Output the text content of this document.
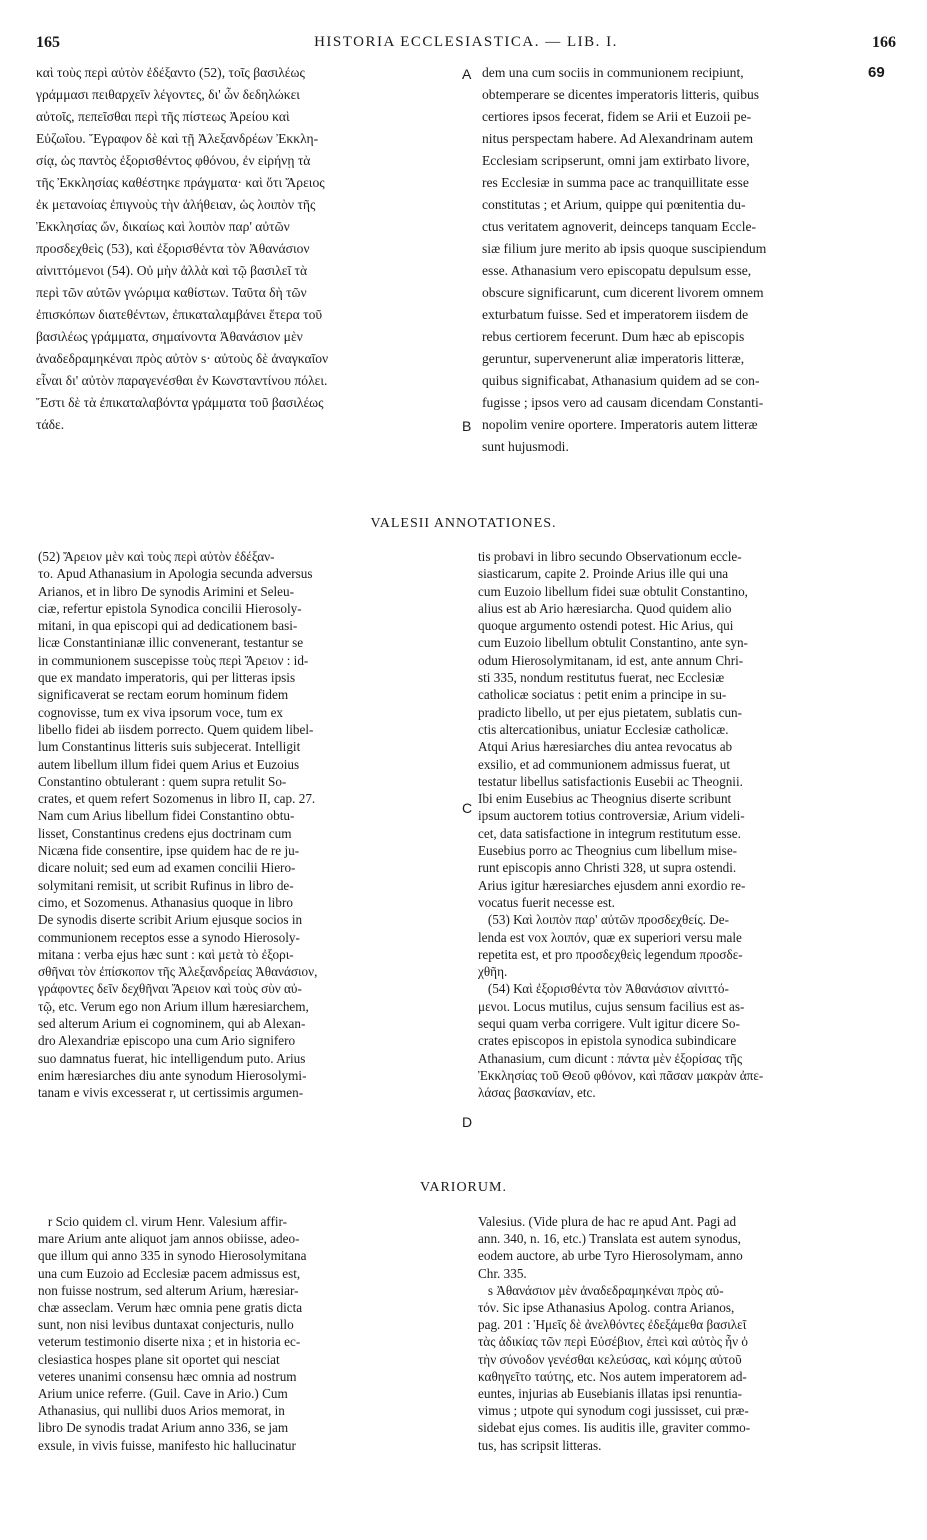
165	HISTORIA ECCLESIASTICA. — LIB. I.	166

καὶ τοὺς περὶ αὐτὸν ἐδέξαντο (52), τοῖς βασιλέως

γράμμασι πειθαρχεῖν λέγοντες, δι' ὧν δεδηλώκει

αὐτοῖς, πεπεῖσθαι περὶ τῆς πίστεως Ἀρείου καὶ

Εὐζωΐου. Ἔγραφον δὲ καὶ τῇ Ἀλεξανδρέων Ἐκκλη-

σίᾳ, ὡς παντὸς ἐξορισθέντος φθόνου, ἐν εἰρήνῃ τὰ

τῆς Ἐκκλησίας καθέστηκε πράγματα· καὶ ὅτι Ἄρειος

ἐκ μετανοίας ἐπιγνοὺς τὴν ἀλήθειαν, ὡς λοιπὸν τῆς

Ἐκκλησίας ὤν, δικαίως καὶ λοιπὸν παρ' αὐτῶν

προσδεχθεὶς (53), καὶ ἐξορισθέντα τὸν Ἀθανάσιον

αἰνιττόμενοι (54). Οὐ μὴν ἀλλὰ καὶ τῷ βασιλεῖ τὰ

περὶ τῶν αὐτῶν γνώριμα καθίστων. Ταῦτα δὴ τῶν

ἐπισκόπων διατεθέντων, ἐπικαταλαμβάνει ἕτερα τοῦ

βασιλέως γράμματα, σημαίνοντα Ἀθανάσιον μὲν

ἀναδεδραμηκέναι πρὸς αὐτὸν s· αὐτοὺς δὲ ἀναγκαῖον

εἶναι δι' αὐτὸν παραγενέσθαι ἐν Κωνσταντίνου πόλει.

Ἔστι δὲ τὰ ἐπικαταλαβόντα γράμματα τοῦ βασιλέως

τάδε.

dem una cum sociis in communionem recipiunt,

obtemperare se dicentes imperatoris litteris, quibus

certiores ipsos fecerat, fidem se Arii et Euzoii pe-

nitus perspectam habere. Ad Alexandrinam autem

Ecclesiam scripserunt, omni jam extirbato livore,

res Ecclesiæ in summa pace ac tranquillitate esse

constitutas ; et Arium, quippe qui pœnitentia du-

ctus veritatem agnoverit, deinceps tanquam Eccle-

siæ filium jure merito ab ipsis quoque suscipiendum

esse. Athanasium vero episcopatu depulsum esse,

obscure significarunt, cum dicerent livorem omnem

exturbatum fuisse. Sed et imperatorem iisdem de

rebus certiorem fecerunt. Dum hæc ab episcopis

geruntur, supervenerunt aliæ imperatoris litteræ,

quibus significabat, Athanasium quidem ad se con-

fugisse ; ipsos vero ad causam dicendam Constanti-

nopolim venire oportere. Imperatoris autem litteræ

sunt hujusmodi.

A
B
69
VALESII ANNOTATIONES.

(52) Ἄρειον μὲν καὶ τοὺς περὶ αὐτὸν ἐδέξαν-

το. Apud Athanasium in Apologia secunda adversus

Arianos, et in libro De synodis Arimini et Seleu-

ciæ, refertur epistola Synodica concilii Hierosoly-

mitani, in qua episcopi qui ad dedicationem basi-

licæ Constantinianæ illic convenerant, testantur se

in communionem suscepisse τοὺς περὶ Ἄρειον : id-

que ex mandato imperatoris, qui per litteras ipsis

significaverat se rectam eorum hominum fidem

cognovisse, tum ex viva ipsorum voce, tum ex

libello fidei ab iisdem porrecto. Quem quidem libel-

lum Constantinus litteris suis subjecerat. Intelligit

autem libellum illum fidei quem Arius et Euzoius

Constantino obtulerant : quem supra retulit So-

crates, et quem refert Sozomenus in libro II, cap. 27.

Nam cum Arius libellum fidei Constantino obtu-

lisset, Constantinus credens ejus doctrinam cum

Nicæna fide consentire, ipse quidem hac de re ju-

dicare noluit; sed eum ad examen concilii Hiero-

solymitani remisit, ut scribit Rufinus in libro de-

cimo, et Sozomenus. Athanasius quoque in libro

De synodis diserte scribit Arium ejusque socios in

communionem receptos esse a synodo Hierosoly-

mitana : verba ejus hæc sunt : καὶ μετὰ τὸ ἐξορι-

σθῆναι τὸν ἐπίσκοπον τῆς Ἀλεξανδρείας Ἀθανάσιον,

γράφοντες δεῖν δεχθῆναι Ἄρειον καὶ τοὺς σὺν αὐ-

τῷ, etc. Verum ego non Arium illum hæresiarchem,

sed alterum Arium ei cognominem, qui ab Alexan-

dro Alexandriæ episcopo una cum Ario signifero

suo damnatus fuerat, hic intelligendum puto. Arius

enim hæresiarches diu ante synodum Hierosolymi-

tanam e vivis excesserat r, ut certissimis argumen-

tis probavi in libro secundo Observationum eccle-

siasticarum, capite 2. Proinde Arius ille qui una

cum Euzoio libellum fidei suæ obtulit Constantino,

alius est ab Ario hæresiarcha. Quod quidem alio

quoque argumento ostendi potest. Hic Arius, qui

cum Euzoio libellum obtulit Constantino, ante syn-

odum Hierosolymitanam, id est, ante annum Chri-

sti 335, nondum restitutus fuerat, nec Ecclesiæ

catholicæ sociatus : petit enim a principe in su-

pradicto libello, ut per ejus pietatem, sublatis cun-

ctis altercationibus, uniatur Ecclesiæ catholicæ.

Atqui Arius hæresiarches diu antea revocatus ab

exsilio, et ad communionem admissus fuerat, ut

testatur libellus satisfactionis Eusebii ac Theognii.

Ibi enim Eusebius ac Theognius diserte scribunt

ipsum auctorem totius controversiæ, Arium videli-

cet, data satisfactione in integrum restitutum esse.

Eusebius porro ac Theognius cum libellum mise-

runt episcopis anno Christi 328, ut supra ostendi.

Arius igitur hæresiarches ejusdem anni exordio re-

vocatus fuerit necesse est.

(53) Καὶ λοιπὸν παρ' αὐτῶν προσδεχθείς. De-

lenda est vox λοιπόν, quæ ex superiori versu male

repetita est, et pro προσδεχθεὶς legendum προσδε-

χθῆη.

(54) Καὶ ἐξορισθέντα τὸν Ἀθανάσιον αἰνιττό-

μενοι. Locus mutilus, cujus sensum facilius est as-

sequi quam verba corrigere. Vult igitur dicere So-

crates episcopos in epistola synodica subindicare

Athanasium, cum dicunt : πάντα μὲν ἐξορίσας τῆς

Ἐκκλησίας τοῦ Θεοῦ φθόνον, καὶ πᾶσαν μακρὰν ἀπε-

λάσας βασκανίαν, etc.

C
D
VARIORUM.

r Scio quidem cl. virum Henr. Valesium affir-

mare Arium ante aliquot jam annos obiisse, adeo-

que illum qui anno 335 in synodo Hierosolymitana

una cum Euzoio ad Ecclesiæ pacem admissus est,

non fuisse nostrum, sed alterum Arium, hæresiar-

chæ asseclam. Verum hæc omnia pene gratis dicta

sunt, non nisi levibus duntaxat conjecturis, nullo

veterum testimonio diserte nixa ; et in historia ec-

clesiastica hospes plane sit oportet qui nesciat

veteres unanimi consensu hæc omnia ad nostrum

Arium unice referre. (Guil. Cave in Ario.) Cum

Athanasius, qui nullibi duos Arios memorat, in

libro De synodis tradat Arium anno 336, se jam

exsule, in vivis fuisse, manifesto hic hallucinatur

Valesius. (Vide plura de hac re apud Ant. Pagi ad

ann. 340, n. 16, etc.) Translata est autem synodus,

eodem auctore, ab urbe Tyro Hierosolymam, anno

Chr. 335.

s Ἀθανάσιον μὲν ἀναδεδραμηκέναι πρὸς αὐ-

τόν. Sic ipse Athanasius Apolog. contra Arianos,

pag. 201 : Ἡμεῖς δὲ ἀνελθόντες ἐδεξάμεθα βασιλεῖ

τὰς ἀδικίας τῶν περὶ Εὐσέβιον, ἐπεὶ καὶ αὐτὸς ἦν ὁ

τὴν σύνοδον γενέσθαι κελεύσας, καὶ κόμης αὐτοῦ

καθηγεῖτο ταύτης, etc. Nos autem imperatorem ad-

euntes, injurias ab Eusebianis illatas ipsi renuntia-

vimus ; utpote qui synodum cogi jussisset, cui præ-

sidebat ejus comes. Iis auditis ille, graviter commo-

tus, has scripsit litteras.
